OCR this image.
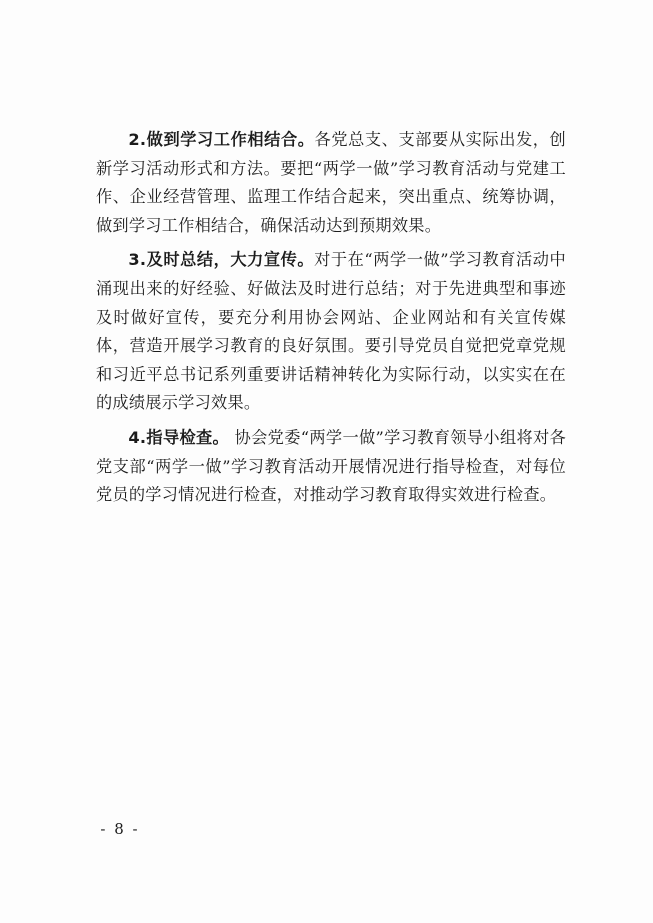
2.做到学习工作相结合。各党总支、支部要从实际出发，创新学习活动形式和方法。要把“两学一做”学习教育活动与党建工作、企业经营管理、监理工作结合起来，突出重点、统筹协调，做到学习工作相结合，确保活动达到预期效果。

3.及时总结，大力宣传。对于在“两学一做”学习教育活动中涌现出来的好经验、好做法及时进行总结；对于先进典型和事迹及时做好宣传，要充分利用协会网站、企业网站和有关宣传媒体，营造开展学习教育的良好氛围。要引导党员自觉把党章党规和习近平总书记系列重要讲话精神转化为实际行动，以实实在在的成绩展示学习效果。

4.指导检查。 协会党委“两学一做”学习教育领导小组将对各党支部“两学一做”学习教育活动开展情况进行指导检查，对每位党员的学习情况进行检查，对推动学习教育取得实效进行检查。

- 8 -
